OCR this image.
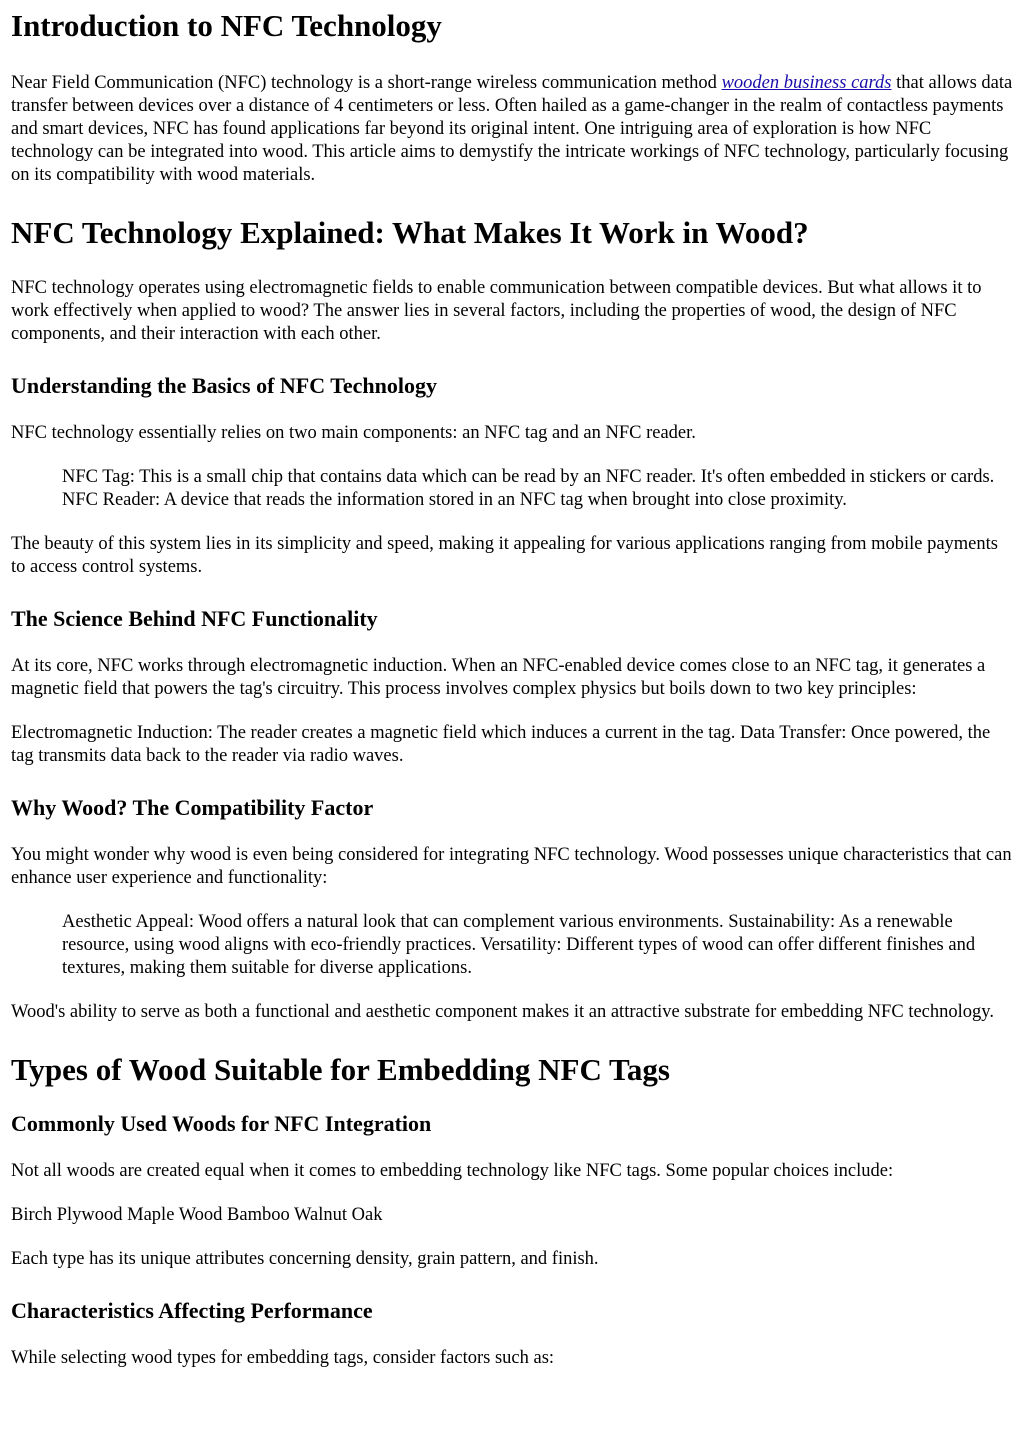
Introduction to NFC Technology

Near Field Communication (NFC) technology is a short-range wireless communication method wooden business cards that allows data transfer between devices over a distance of 4 centimeters or less. Often hailed as a game-changer in the realm of contactless payments and smart devices, NFC has found applications far beyond its original intent. One intriguing area of exploration is how NFC technology can be integrated into wood. This article aims to demystify the intricate workings of NFC technology, particularly focusing on its compatibility with wood materials.

NFC Technology Explained: What Makes It Work in Wood?

NFC technology operates using electromagnetic fields to enable communication between compatible devices. But what allows it to work effectively when applied to wood? The answer lies in several factors, including the properties of wood, the design of NFC components, and their interaction with each other.

Understanding the Basics of NFC Technology

NFC technology essentially relies on two main components: an NFC tag and an NFC reader.

NFC Tag: This is a small chip that contains data which can be read by an NFC reader. It's often embedded in stickers or cards. NFC Reader: A device that reads the information stored in an NFC tag when brought into close proximity.

The beauty of this system lies in its simplicity and speed, making it appealing for various applications ranging from mobile payments to access control systems.

The Science Behind NFC Functionality

At its core, NFC works through electromagnetic induction. When an NFC-enabled device comes close to an NFC tag, it generates a magnetic field that powers the tag's circuitry. This process involves complex physics but boils down to two key principles:

Electromagnetic Induction: The reader creates a magnetic field which induces a current in the tag. Data Transfer: Once powered, the tag transmits data back to the reader via radio waves.

Why Wood? The Compatibility Factor

You might wonder why wood is even being considered for integrating NFC technology. Wood possesses unique characteristics that can enhance user experience and functionality:

Aesthetic Appeal: Wood offers a natural look that can complement various environments. Sustainability: As a renewable resource, using wood aligns with eco-friendly practices. Versatility: Different types of wood can offer different finishes and textures, making them suitable for diverse applications.

Wood's ability to serve as both a functional and aesthetic component makes it an attractive substrate for embedding NFC technology.

Types of Wood Suitable for Embedding NFC Tags
Commonly Used Woods for NFC Integration

Not all woods are created equal when it comes to embedding technology like NFC tags. Some popular choices include:

Birch Plywood Maple Wood Bamboo Walnut Oak

Each type has its unique attributes concerning density, grain pattern, and finish.

Characteristics Affecting Performance

While selecting wood types for embedding tags, consider factors such as:
